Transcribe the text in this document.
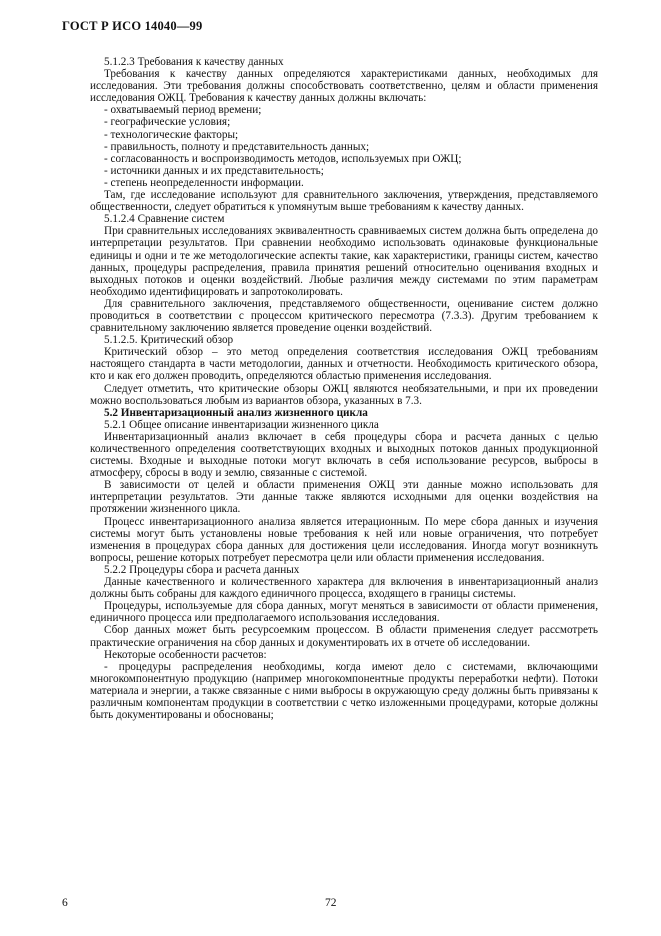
ГОСТ Р ИСО 14040—99

5.1.2.3 Требования к качеству данных

Требования к качеству данных определяются характеристиками данных, необходимых для исследования. Эти требования должны способствовать соответственно, целям и области применения исследования ОЖЦ. Требования к качеству данных должны включать:

- охватываемый период времени;
- географические условия;
- технологические факторы;
- правильность, полноту и представительность данных;
- согласованность и воспроизводимость методов, используемых при ОЖЦ;
- источники данных и их представительность;
- степень неопределенности информации.

Там, где исследование используют для сравнительного заключения, утверждения, представляемого общественности, следует обратиться к упомянутым выше требованиям к качеству данных.

5.1.2.4 Сравнение систем

При сравнительных исследованиях эквивалентность сравниваемых систем должна быть определена до интерпретации результатов. При сравнении необходимо использовать одинаковые функциональные единицы и одни и те же методологические аспекты такие, как характеристики, границы систем, качество данных, процедуры распределения, правила принятия решений относительно оценивания входных и выходных потоков и оценки воздействий. Любые различия между системами по этим параметрам необходимо идентифицировать и запротоколировать.

Для сравнительного заключения, представляемого общественности, оценивание систем должно проводиться в соответствии с процессом критического пересмотра (7.3.3). Другим требованием к сравнительному заключению является проведение оценки воздействий.

5.1.2.5. Критический обзор

Критический обзор – это метод определения соответствия исследования ОЖЦ требованиям настоящего стандарта в части методологии, данных и отчетности. Необходимость критического обзора, кто и как его должен проводить, определяются областью применения исследования.

Следует отметить, что критические обзоры ОЖЦ являются необязательными, и при их проведении можно воспользоваться любым из вариантов обзора, указанных в 7.3.

5.2 Инвентаризационный анализ жизненного цикла

5.2.1 Общее описание инвентаризации жизненного цикла

Инвентаризационный анализ включает в себя процедуры сбора и расчета данных с целью количественного определения соответствующих входных и выходных потоков данных продукционной системы. Входные и выходные потоки могут включать в себя использование ресурсов, выбросы в атмосферу, сбросы в воду и землю, связанные с системой.

В зависимости от целей и области применения ОЖЦ эти данные можно использовать для интерпретации результатов. Эти данные также являются исходными для оценки воздействия на протяжении жизненного цикла.

Процесс инвентаризационного анализа является итерационным. По мере сбора данных и изучения системы могут быть установлены новые требования к ней или новые ограничения, что потребует изменения в процедурах сбора данных для достижения цели исследования. Иногда могут возникнуть вопросы, решение которых потребует пересмотра цели или области применения исследования.

5.2.2 Процедуры сбора и расчета данных

Данные качественного и количественного характера для включения в инвентаризационный анализ должны быть собраны для каждого единичного процесса, входящего в границы системы.

Процедуры, используемые для сбора данных, могут меняться в зависимости от области применения, единичного процесса или предполагаемого использования исследования.

Сбор данных может быть ресурсоемким процессом. В области применения следует рассмотреть практические ограничения на сбор данных и документировать их в отчете об исследовании.

Некоторые особенности расчетов:

- процедуры распределения необходимы, когда имеют дело с системами, включающими многокомпонентную продукцию (например многокомпонентные продукты переработки нефти). Потоки материала и энергии, а также связанные с ними выбросы в окружающую среду должны быть привязаны к различным компонентам продукции в соответствии с четко изложенными процедурами, которые должны быть документированы и обоснованы;

6	72
